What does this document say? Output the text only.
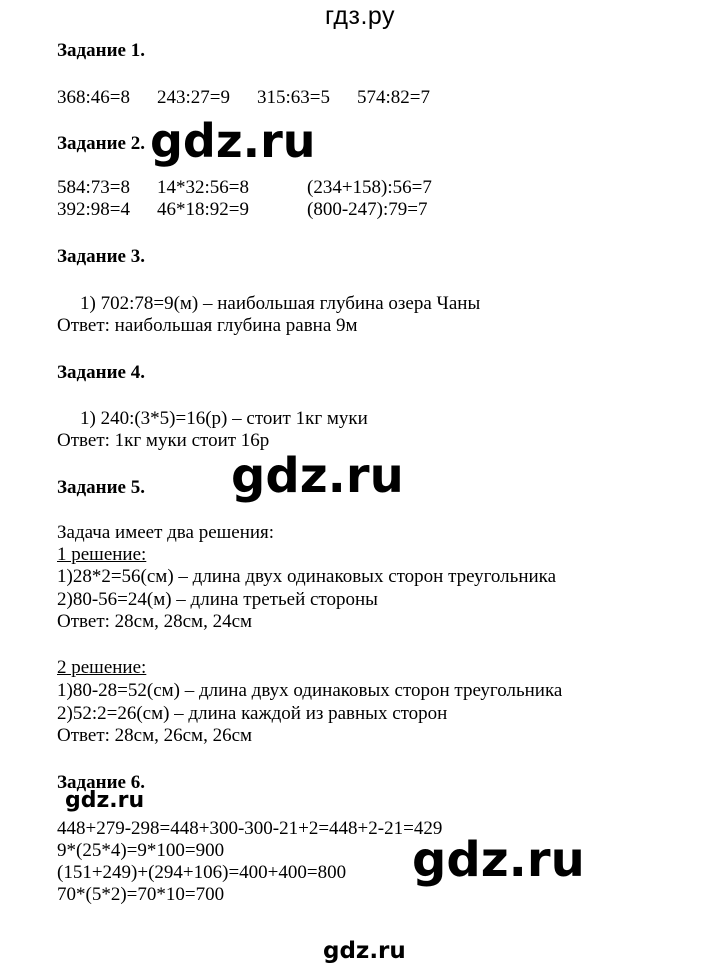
гдз.ру
Задание 1.
368:46=8 243:27=9 315:63=5 574:82=7
Задание 2.
584:73=8 14*32:56=8	(234+158):56=7
392:98=4 46*18:92=9	(800-247):79=7
Задание 3.
1) 702:78=9(м) – наибольшая глубина озера Чаны
Ответ: наибольшая глубина равна 9м
Задание 4.
1) 240:(3*5)=16(р) – стоит 1кг муки
Ответ: 1кг муки стоит 16р
Задание 5.
Задача имеет два решения:
1 решение:
1)28*2=56(см) – длина двух одинаковых сторон треугольника
2)80-56=24(м) – длина третьей стороны
Ответ: 28см, 28см, 24см
2 решение:
1)80-28=52(см) – длина двух одинаковых сторон треугольника
2)52:2=26(см) – длина каждой из равных сторон
Ответ: 28см, 26см, 26см
Задание 6.
448+279-298=448+300-300-21+2=448+2-21=429
9*(25*4)=9*100=900
(151+249)+(294+106)=400+400=800
70*(5*2)=70*10=700
gdz.ru
gdz.ru
gdz.ru
gdz.ru
gdz.ru
